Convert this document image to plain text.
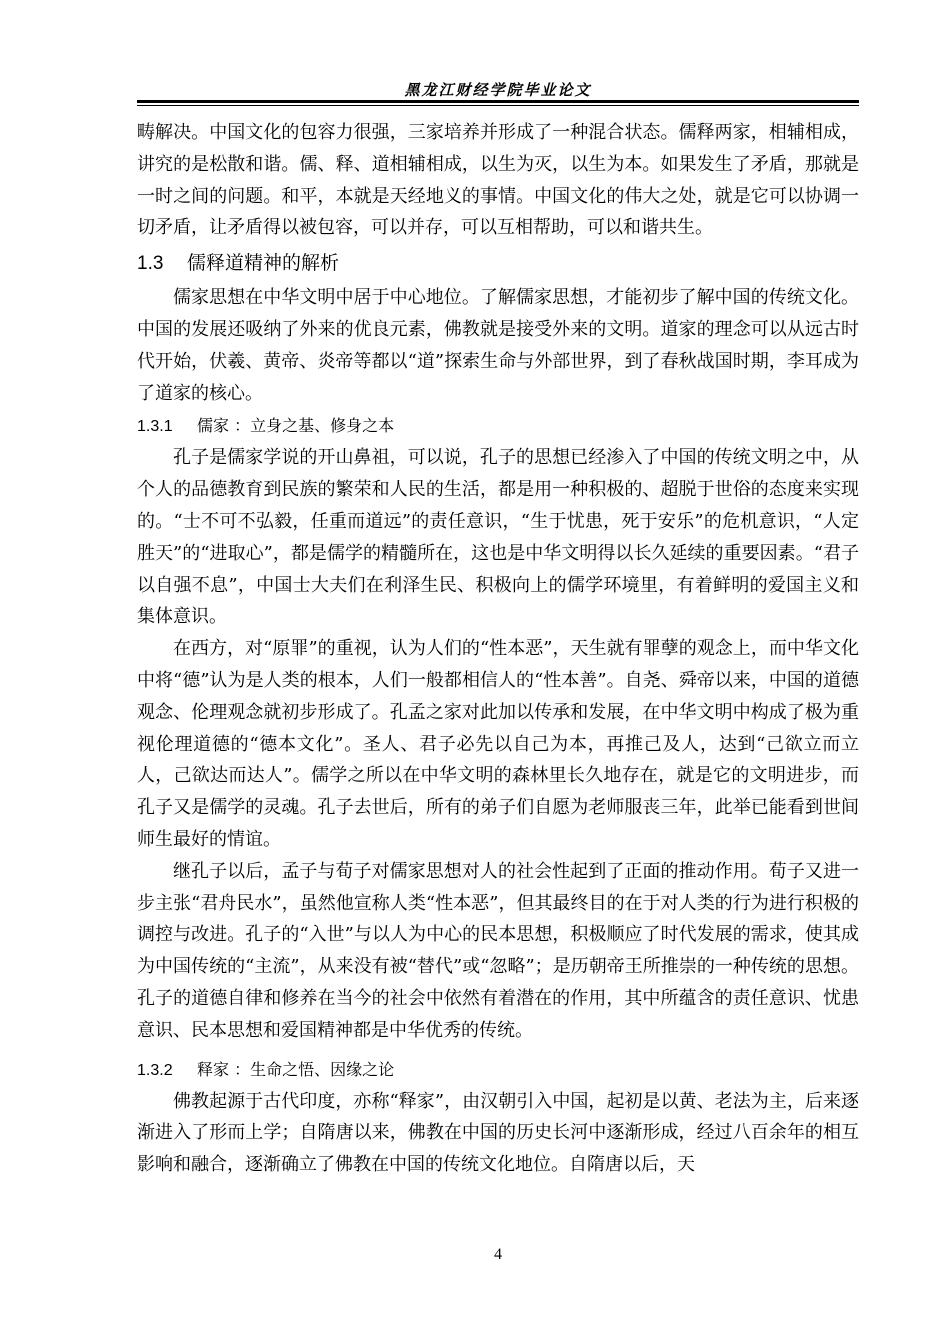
黑龙江财经学院毕业论文

畴解决。中国文化的包容力很强，三家培养并形成了一种混合状态。儒释两家，相辅相成，讲究的是松散和谐。儒、释、道相辅相成，以生为灭，以生为本。如果发生了矛盾，那就是一时之间的问题。和平，本就是天经地义的事情。中国文化的伟大之处，就是它可以协调一切矛盾，让矛盾得以被包容，可以并存，可以互相帮助，可以和谐共生。

1.3 儒释道精神的解析

儒家思想在中华文明中居于中心地位。了解儒家思想，才能初步了解中国的传统文化。中国的发展还吸纳了外来的优良元素，佛教就是接受外来的文明。道家的理念可以从远古时代开始，伏羲、黄帝、炎帝等都以“道”探索生命与外部世界，到了春秋战国时期，李耳成为了道家的核心。

1.3.1 儒家 ：立身之基、修身之本

孔子是儒家学说的开山鼻祖，可以说，孔子的思想已经渗入了中国的传统文明之中，从个人的品德教育到民族的繁荣和人民的生活，都是用一种积极的、超脱于世俗的态度来实现的。“士不可不弘毅，任重而道远”的责任意识，“生于忧患，死于安乐”的危机意识，“人定胜天”的“进取心”，都是儒学的精髓所在，这也是中华文明得以长久延续的重要因素。“君子以自强不息”，中国士大夫们在利泽生民、积极向上的儒学环境里，有着鲜明的爱国主义和集体意识。

在西方，对“原罪”的重视，认为人们的“性本恶”，天生就有罪孽的观念上，而中华文化中将“德”认为是人类的根本，人们一般都相信人的“性本善”。自尧、舜帝以来，中国的道德观念、伦理观念就初步形成了。孔孟之家对此加以传承和发展，在中华文明中构成了极为重视伦理道德的“德本文化”。圣人、君子必先以自己为本，再推己及人，达到“己欲立而立人，己欲达而达人”。儒学之所以在中华文明的森林里长久地存在，就是它的文明进步，而孔子又是儒学的灵魂。孔子去世后，所有的弟子们自愿为老师服丧三年，此举已能看到世间师生最好的情谊。

继孔子以后，孟子与荀子对儒家思想对人的社会性起到了正面的推动作用。荀子又进一步主张“君舟民水”，虽然他宣称人类“性本恶”，但其最终目的在于对人类的行为进行积极的调控与改进。孔子的“入世”与以人为中心的民本思想，积极顺应了时代发展的需求，使其成为中国传统的“主流”，从来没有被“替代”或“忽略”；是历朝帝王所推崇的一种传统的思想。孔子的道德自律和修养在当今的社会中依然有着潜在的作用，其中所蕴含的责任意识、忧患意识、民本思想和爱国精神都是中华优秀的传统。

1.3.2 释家 ：生命之悟、因缘之论

佛教起源于古代印度，亦称“释家”，由汉朝引入中国，起初是以黄、老法为主，后来逐渐进入了形而上学；自隋唐以来，佛教在中国的历史长河中逐渐形成，经过八百余年的相互影响和融合，逐渐确立了佛教在中国的传统文化地位。自隋唐以后，天

4
